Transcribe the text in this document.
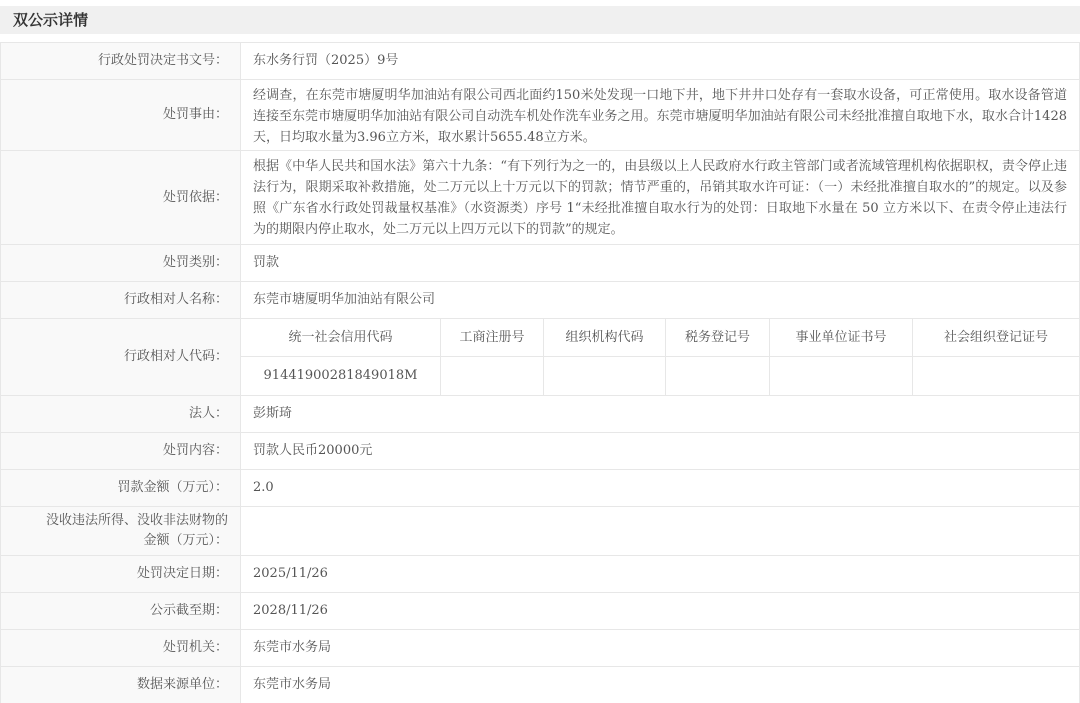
双公示详情
行政处罚决定书文号：	东水务行罚（2025）9号
处罚事由：
经调查，在东莞市塘厦明华加油站有限公司西北面约150米处发现一口地下井，地下井井口处存有一套取水设备，可正常使用。取水设备管道连接至东莞市塘厦明华加油站有限公司自动洗车机处作洗车业务之用。东莞市塘厦明华加油站有限公司未经批准擅自取地下水，取水合计1428天，日均取水量为3.96立方米，取水累计5655.48立方米。
处罚依据：
根据《中华人民共和国水法》第六十九条：“有下列行为之一的，由县级以上人民政府水行政主管部门或者流域管理机构依据职权，责令停止违法行为，限期采取补救措施，处二万元以上十万元以下的罚款；情节严重的，吊销其取水许可证：（一）未经批准擅自取水的”的规定。以及参照《广东省水行政处罚裁量权基准》（水资源类）序号 1“未经批准擅自取水行为的处罚：日取地下水量在 50 立方米以下、在责令停止违法行为的期限内停止取水，处二万元以上四万元以下的罚款”的规定。
处罚类别：	罚款
行政相对人名称：	东莞市塘厦明华加油站有限公司
行政相对人代码：
统一社会信用代码	工商注册号	组织机构代码	税务登记号	事业单位证书号	社会组织登记证号
91441900281849018M
法人：	彭斯琦
处罚内容：	罚款人民币20000元
罚款金额（万元）：	2.0
没收违法所得、没收非法财物的
金额（万元）：
处罚决定日期：	2025/11/26
公示截至期：	2028/11/26
处罚机关：	东莞市水务局
数据来源单位：	东莞市水务局
